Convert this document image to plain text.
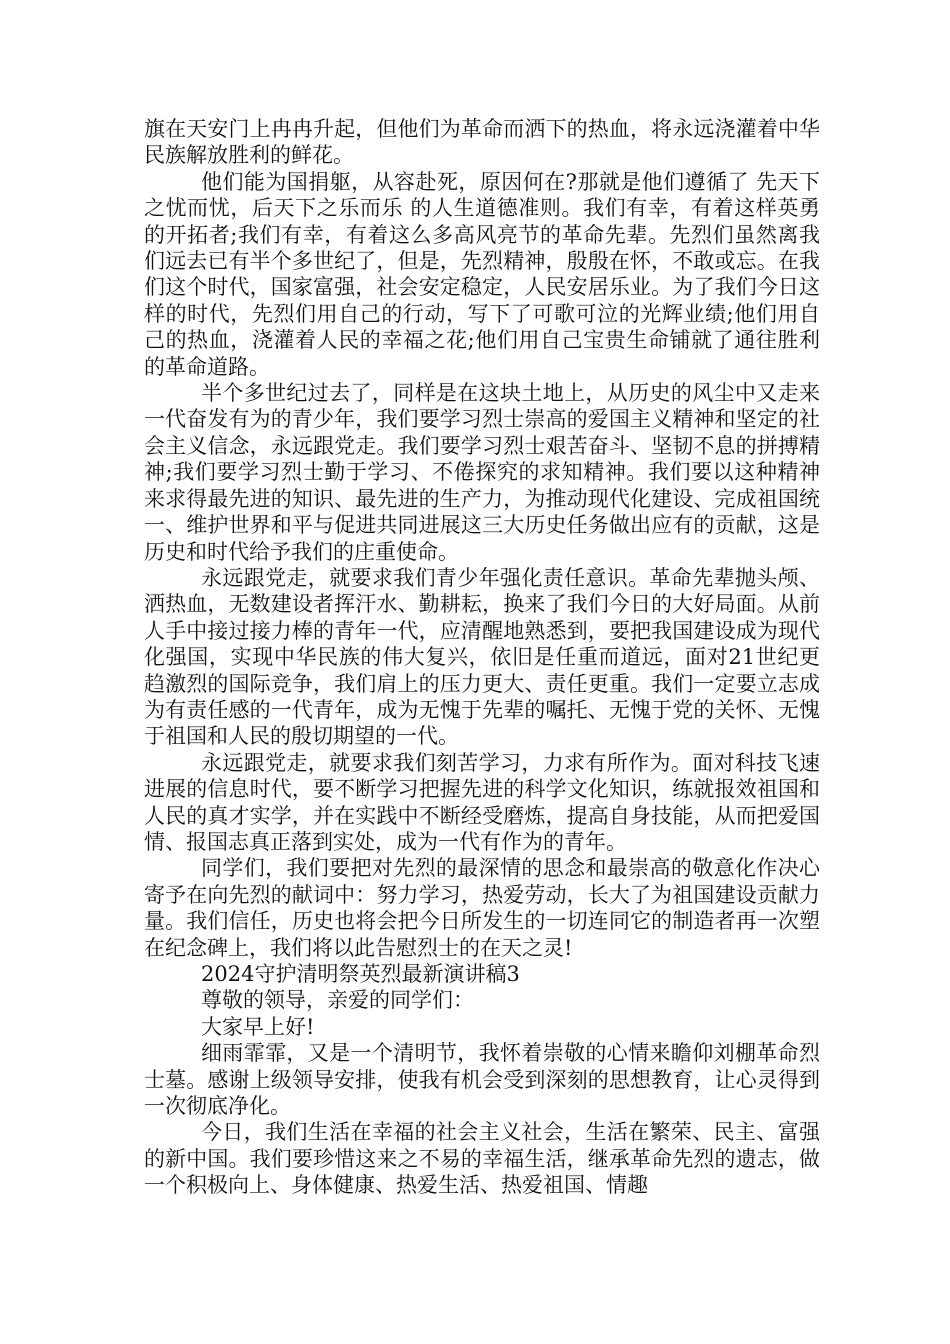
旗在天安门上冉冉升起，但他们为革命而洒下的热血，将永远浇灌着中华民族解放胜利的鲜花。

他们能为国捐躯，从容赴死，原因何在?那就是他们遵循了 先天下之忧而忧，后天下之乐而乐 的人生道德准则。我们有幸，有着这样英勇的开拓者;我们有幸，有着这么多高风亮节的革命先辈。先烈们虽然离我们远去已有半个多世纪了，但是，先烈精神，殷殷在怀，不敢或忘。在我们这个时代，国家富强，社会安定稳定，人民安居乐业。为了我们今日这样的时代，先烈们用自己的行动，写下了可歌可泣的光辉业绩;他们用自己的热血，浇灌着人民的幸福之花;他们用自己宝贵生命铺就了通往胜利的革命道路。

半个多世纪过去了，同样是在这块土地上，从历史的风尘中又走来一代奋发有为的青少年，我们要学习烈士崇高的爱国主义精神和坚定的社会主义信念，永远跟党走。我们要学习烈士艰苦奋斗、坚韧不息的拼搏精神;我们要学习烈士勤于学习、不倦探究的求知精神。我们要以这种精神来求得最先进的知识、最先进的生产力，为推动现代化建设、完成祖国统一、维护世界和平与促进共同进展这三大历史任务做出应有的贡献，这是历史和时代给予我们的庄重使命。

永远跟党走，就要求我们青少年强化责任意识。革命先辈抛头颅、洒热血，无数建设者挥汗水、勤耕耘，换来了我们今日的大好局面。从前人手中接过接力棒的青年一代，应清醒地熟悉到，要把我国建设成为现代化强国，实现中华民族的伟大复兴，依旧是任重而道远，面对21世纪更趋激烈的国际竞争，我们肩上的压力更大、责任更重。我们一定要立志成为有责任感的一代青年，成为无愧于先辈的嘱托、无愧于党的关怀、无愧于祖国和人民的殷切期望的一代。

永远跟党走，就要求我们刻苦学习，力求有所作为。面对科技飞速进展的信息时代，要不断学习把握先进的科学文化知识，练就报效祖国和人民的真才实学，并在实践中不断经受磨炼，提高自身技能，从而把爱国情、报国志真正落到实处，成为一代有作为的青年。

同学们，我们要把对先烈的最深情的思念和最崇高的敬意化作决心寄予在向先烈的献词中：努力学习，热爱劳动，长大了为祖国建设贡献力量。我们信任，历史也将会把今日所发生的一切连同它的制造者再一次塑在纪念碑上，我们将以此告慰烈士的在天之灵!

2024守护清明祭英烈最新演讲稿3

尊敬的领导，亲爱的同学们：

大家早上好!

细雨霏霏，又是一个清明节，我怀着崇敬的心情来瞻仰刘棚革命烈士墓。感谢上级领导安排，使我有机会受到深刻的思想教育，让心灵得到一次彻底净化。

今日，我们生活在幸福的社会主义社会，生活在繁荣、民主、富强的新中国。我们要珍惜这来之不易的幸福生活，继承革命先烈的遗志，做一个积极向上、身体健康、热爱生活、热爱祖国、情趣
